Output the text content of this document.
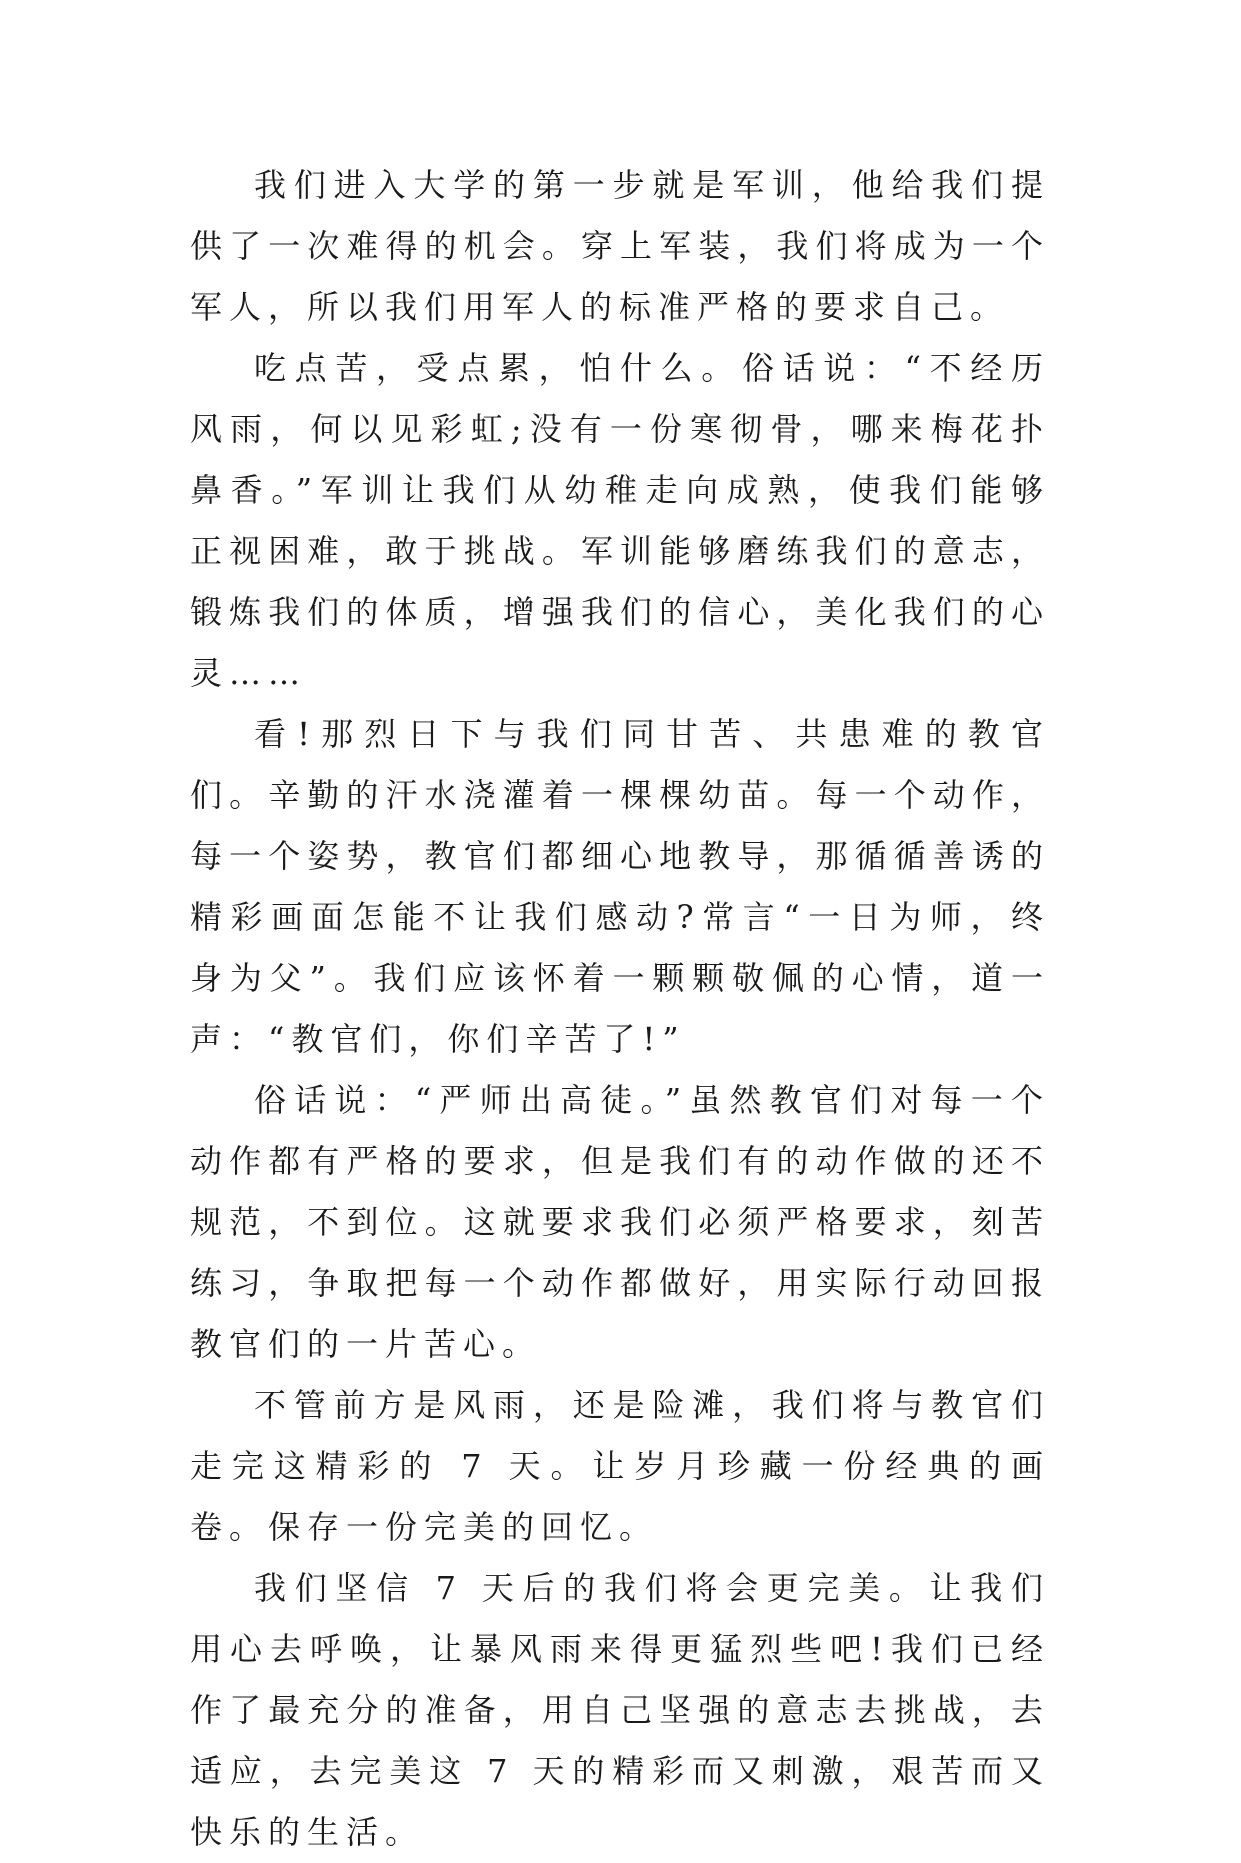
我们进入大学的第一步就是军训，他给我们提供了一次难得的机会。穿上军装，我们将成为一个军人，所以我们用军人的标准严格的要求自己。

吃点苦，受点累，怕什么。俗话说：“不经历风雨，何以见彩虹;没有一份寒彻骨，哪来梅花扑鼻香。”军训让我们从幼稚走向成熟，使我们能够正视困难，敢于挑战。军训能够磨练我们的意志，锻炼我们的体质，增强我们的信心，美化我们的心灵……

看!那烈日下与我们同甘苦、共患难的教官们。辛勤的汗水浇灌着一棵棵幼苗。每一个动作，每一个姿势，教官们都细心地教导，那循循善诱的精彩画面怎能不让我们感动?常言“一日为师，终身为父”。我们应该怀着一颗颗敬佩的心情，道一声：“教官们，你们辛苦了!”

俗话说：“严师出高徒。”虽然教官们对每一个动作都有严格的要求，但是我们有的动作做的还不规范，不到位。这就要求我们必须严格要求，刻苦练习，争取把每一个动作都做好，用实际行动回报教官们的一片苦心。

不管前方是风雨，还是险滩，我们将与教官们走完这精彩的 7 天。让岁月珍藏一份经典的画卷。保存一份完美的回忆。

我们坚信 7 天后的我们将会更完美。让我们用心去呼唤，让暴风雨来得更猛烈些吧!我们已经作了最充分的准备，用自己坚强的意志去挑战，去适应，去完美这 7 天的精彩而又刺激，艰苦而又快乐的生活。
